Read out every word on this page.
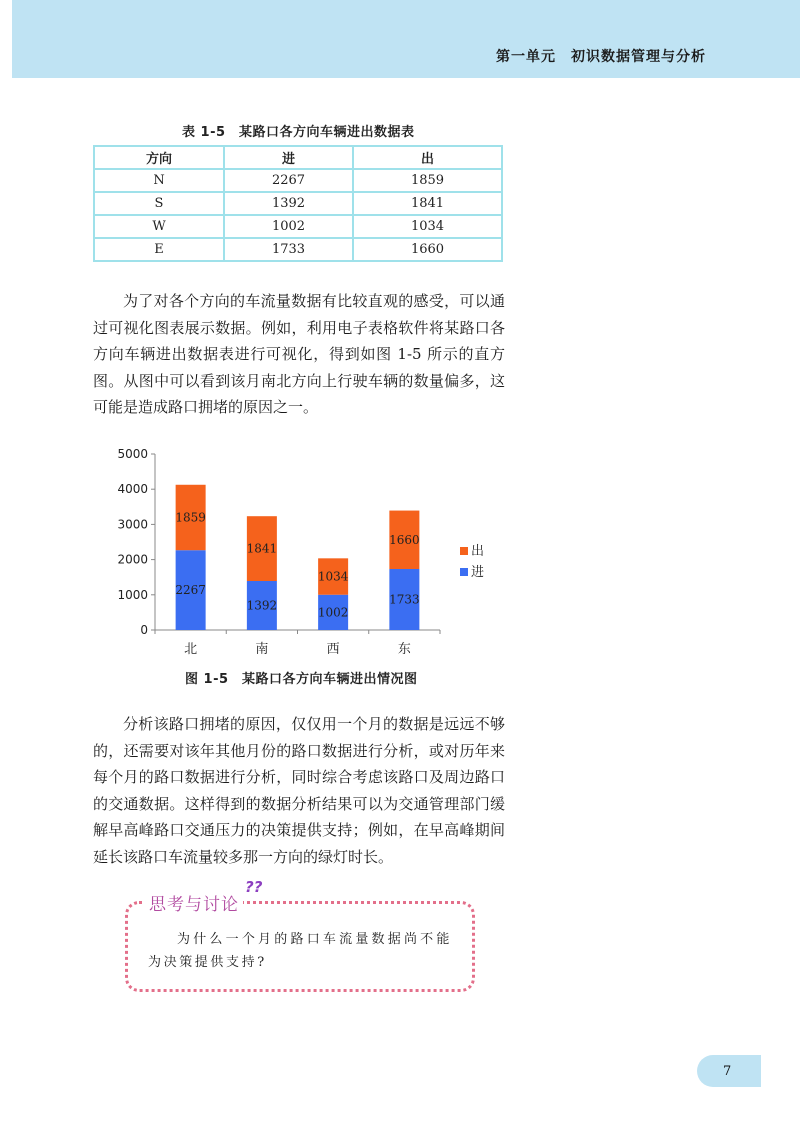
第一单元　初识数据管理与分析
表 1-5　某路口各方向车辆进出数据表
方向	进	出
N	2267	1859
S	1392	1841
W	1002	1034
E	1733	1660
为了对各个方向的车流量数据有比较直观的感受，可以通过可视化图表展示数据。例如，利用电子表格软件将某路口各方向车辆进出数据表进行可视化，得到如图 1-5 所示的直方图。从图中可以看到该月南北方向上行驶车辆的数量偏多，这可能是造成路口拥堵的原因之一。
0
1000
2000
3000
4000
5000
2267
1859
北
1392
1841
南
1002
1034
西
1733
1660
东
出
进
图 1-5　某路口各方向车辆进出情况图
分析该路口拥堵的原因，仅仅用一个月的数据是远远不够的，还需要对该年其他月份的路口数据进行分析，或对历年来每个月的路口数据进行分析，同时综合考虑该路口及周边路口的交通数据。这样得到的数据分析结果可以为交通管理部门缓解早高峰路口交通压力的决策提供支持；例如，在早高峰期间延长该路口车流量较多那一方向的绿灯时长。
思考与讨论
??
为什么一个月的路口车流量数据尚不能为决策提供支持?
7
